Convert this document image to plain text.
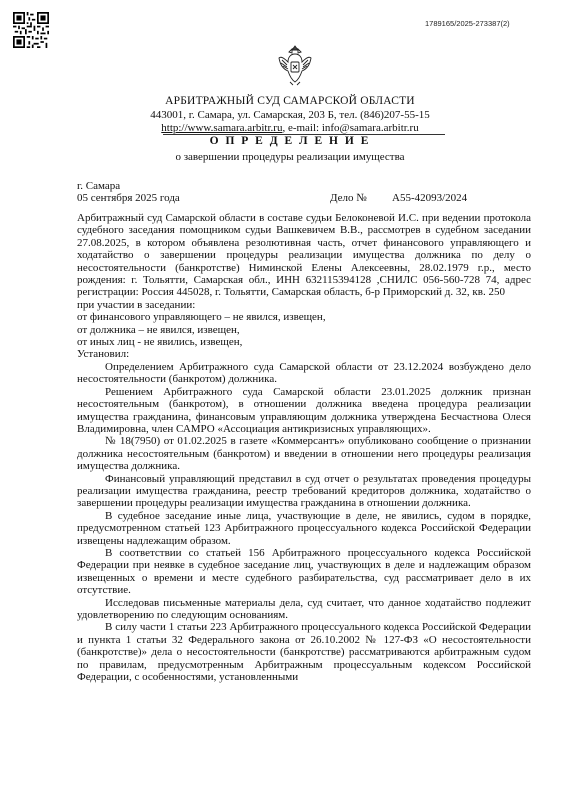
1789165/2025-273387(2)
АРБИТРАЖНЫЙ СУД САМАРСКОЙ ОБЛАСТИ
443001, г. Самара, ул. Самарская, 203 Б, тел. (846)207-55-15
http://www.samara.arbitr.ru, e-mail: info@samara.arbitr.ru
О П Р Е Д Е Л Е Н И Е
о завершении процедуры реализации имущества
г. Самара
05 сентября 2025 года	Дело № А55-42093/2024

Арбитражный суд Самарской области в составе судьи Белоконевой И.С. при ведении протокола судебного заседания помощником судьи Вашкевичем В.В., рассмотрев в судебном заседании 27.08.2025, в котором объявлена резолютивная часть, отчет финансового управляющего и ходатайство о завершении процедуры реализации имущества должника по делу о несостоятельности (банкротстве) Ниминской Елены Алексеевны, 28.02.1979 г.р., место рождения: г. Тольятти, Самарская обл., ИНН 632115394128 ,СНИЛС 056-560-728 74, адрес регистрации: Россия 445028, г. Тольятти, Самарская область, б-р Приморский д. 32, кв. 250

при участии в заседании:

от финансового управляющего – не явился, извещен,

от должника – не явился, извещен,

от иных лиц - не явились, извещен,

Установил:

Определением Арбитражного суда Самарской области от 23.12.2024 возбуждено дело несостоятельности (банкротом) должника.

Решением Арбитражного суда Самарской области 23.01.2025 должник признан несостоятельным (банкротом), в отношении должника введена процедура реализации имущества гражданина, финансовым управляющим должника утверждена Бесчастнова Олеся Владимировна, член САМРО «Ассоциация антикризисных управляющих».

№ 18(7950) от 01.02.2025 в газете «Коммерсантъ» опубликовано сообщение о признании должника несостоятельным (банкротом) и введении в отношении него процедуры реализация имущества должника.

Финансовый управляющий представил в суд отчет о результатах проведения процедуры реализации имущества гражданина, реестр требований кредиторов должника, ходатайство о завершении процедуры реализации имущества гражданина в отношении должника.

В судебное заседание иные лица, участвующие в деле, не явились, судом в порядке, предусмотренном статьей 123 Арбитражного процессуального кодекса Российской Федерации извещены надлежащим образом.

В соответствии со статьей 156 Арбитражного процессуального кодекса Российской Федерации при неявке в судебное заседание лиц, участвующих в деле и надлежащим образом извещенных о времени и месте судебного разбирательства, суд рассматривает дело в их отсутствие.

Исследовав письменные материалы дела, суд считает, что данное ходатайство подлежит удовлетворению по следующим основаниям.

В силу части 1 статьи 223 Арбитражного процессуального кодекса Российской Федерации и пункта 1 статьи 32 Федерального закона от 26.10.2002 № 127-ФЗ «О несостоятельности (банкротстве)» дела о несостоятельности (банкротстве) рассматриваются арбитражным судом по правилам, предусмотренным Арбитражным процессуальным кодексом Российской Федерации, с особенностями, установленными
